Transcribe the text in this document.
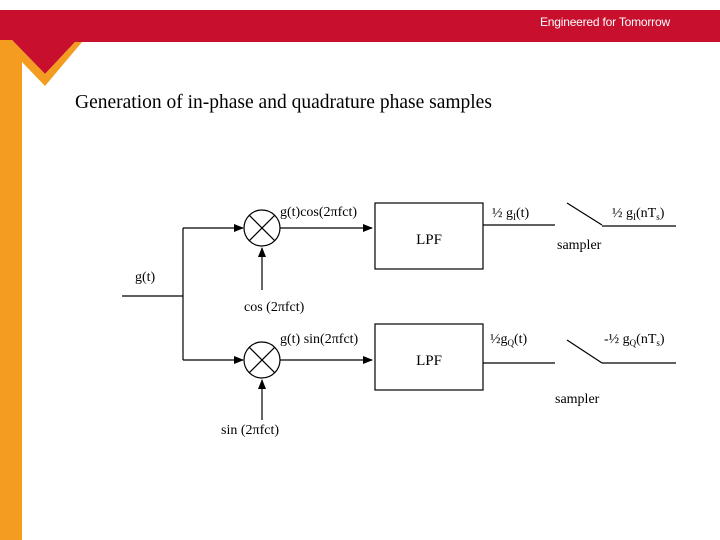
Engineered for Tomorrow
Generation of in-phase and quadrature phase samples
g(t)
g(t)cos(2πfct)
cos (2πfct)
LPF
½ $g_I(t)$	½ $g_I(nT_s)$
sampler
g(t) sin(2πfct)
sin (2πfct)
LPF
$\frac{1}{2}g_Q(t)$	-½ $g_Q(nT_s)$
sampler
